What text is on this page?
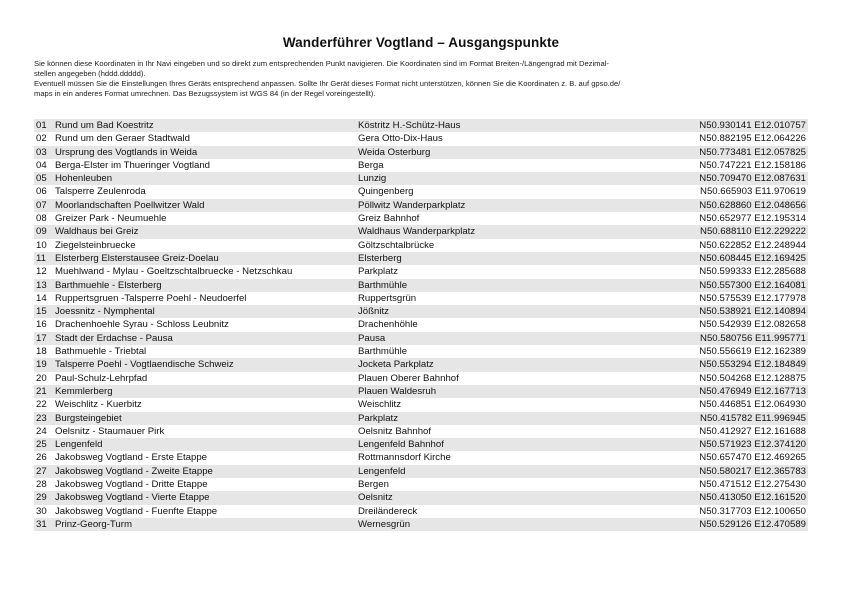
Wanderführer Vogtland – Ausgangspunkte

Sie können diese Koordinaten in Ihr Navi eingeben und so direkt zum entsprechenden Punkt navigieren. Die Koordinaten sind im Format Breiten-/Längengrad mit Dezimal-

stellen angegeben (hddd.ddddd).

Eventuell müssen Sie die Einstellungen Ihres Geräts entsprechend anpassen. Sollte Ihr Gerät dieses Format nicht unterstützen, können Sie die Koordinaten z. B. auf gpso.de/

maps in ein anderes Format umrechnen. Das Bezugssystem ist WGS 84 (in der Regel voreingestellt).

01 Rund um Bad Koestritz	Köstritz H.-Schütz-Haus	N50.930141 E12.010757
02 Rund um den Geraer Stadtwald	Gera Otto-Dix-Haus	N50.882195 E12.064226
03 Ursprung des Vogtlands in Weida	Weida Osterburg	N50.773481 E12.057825
04 Berga-Elster im Thueringer Vogtland	Berga	N50.747221 E12.158186
05 Hohenleuben	Lunzig	N50.709470 E12.087631
06 Talsperre Zeulenroda	Quingenberg	N50.665903 E11.970619
07 Moorlandschaften Poellwitzer Wald	Pöllwitz Wanderparkplatz	N50.628860 E12.048656
08 Greizer Park - Neumuehle	Greiz Bahnhof	N50.652977 E12.195314
09 Waldhaus bei Greiz	Waldhaus Wanderparkplatz	N50.688110 E12.229222
10 Ziegelsteinbruecke	Göltzschtalbrücke	N50.622852 E12.248944
11 Elsterberg Elsterstausee Greiz-Doelau	Elsterberg	N50.608445 E12.169425
12 Muehlwand - Mylau - Goeltzschtalbruecke - Netzschkau	Parkplatz	N50.599333 E12.285688
13 Barthmuehle - Elsterberg	Barthmühle	N50.557300 E12.164081
14 Ruppertsgruen -Talsperre Poehl - Neudoerfel	Ruppertsgrün	N50.575539 E12.177978
15 Joessnitz - Nymphental	Jößnitz	N50.538921 E12.140894
16 Drachenhoehle Syrau - Schloss Leubnitz	Drachenhöhle	N50.542939 E12.082658
17 Stadt der Erdachse - Pausa	Pausa	N50.580756 E11.995771
18 Bathmuehle - Triebtal	Barthmühle	N50.556619 E12.162389
19 Talsperre Poehl - Vogtlaendische Schweiz	Jocketa Parkplatz	N50.553294 E12.184849
20 Paul-Schulz-Lehrpfad	Plauen Oberer Bahnhof	N50.504268 E12.128875
21 Kemmlerberg	Plauen Waldesruh	N50.476949 E12.167713
22 Weischlitz - Kuerbitz	Weischlitz	N50.446851 E12.064930
23 Burgsteingebiet	Parkplatz	N50.415782 E11.996945
24 Oelsnitz - Staumauer Pirk	Oelsnitz Bahnhof	N50.412927 E12.161688
25 Lengenfeld	Lengenfeld Bahnhof	N50.571923 E12.374120
26 Jakobsweg Vogtland - Erste Etappe	Rottmannsdorf Kirche	N50.657470 E12.469265
27 Jakobsweg Vogtland - Zweite Etappe	Lengenfeld	N50.580217 E12.365783
28 Jakobsweg Vogtland - Dritte Etappe	Bergen	N50.471512 E12.275430
29 Jakobsweg Vogtland - Vierte Etappe	Oelsnitz	N50.413050 E12.161520
30 Jakobsweg Vogtland - Fuenfte Etappe	Dreiländereck	N50.317703 E12.100650
31 Prinz-Georg-Turm	Wernesgrün	N50.529126 E12.470589
